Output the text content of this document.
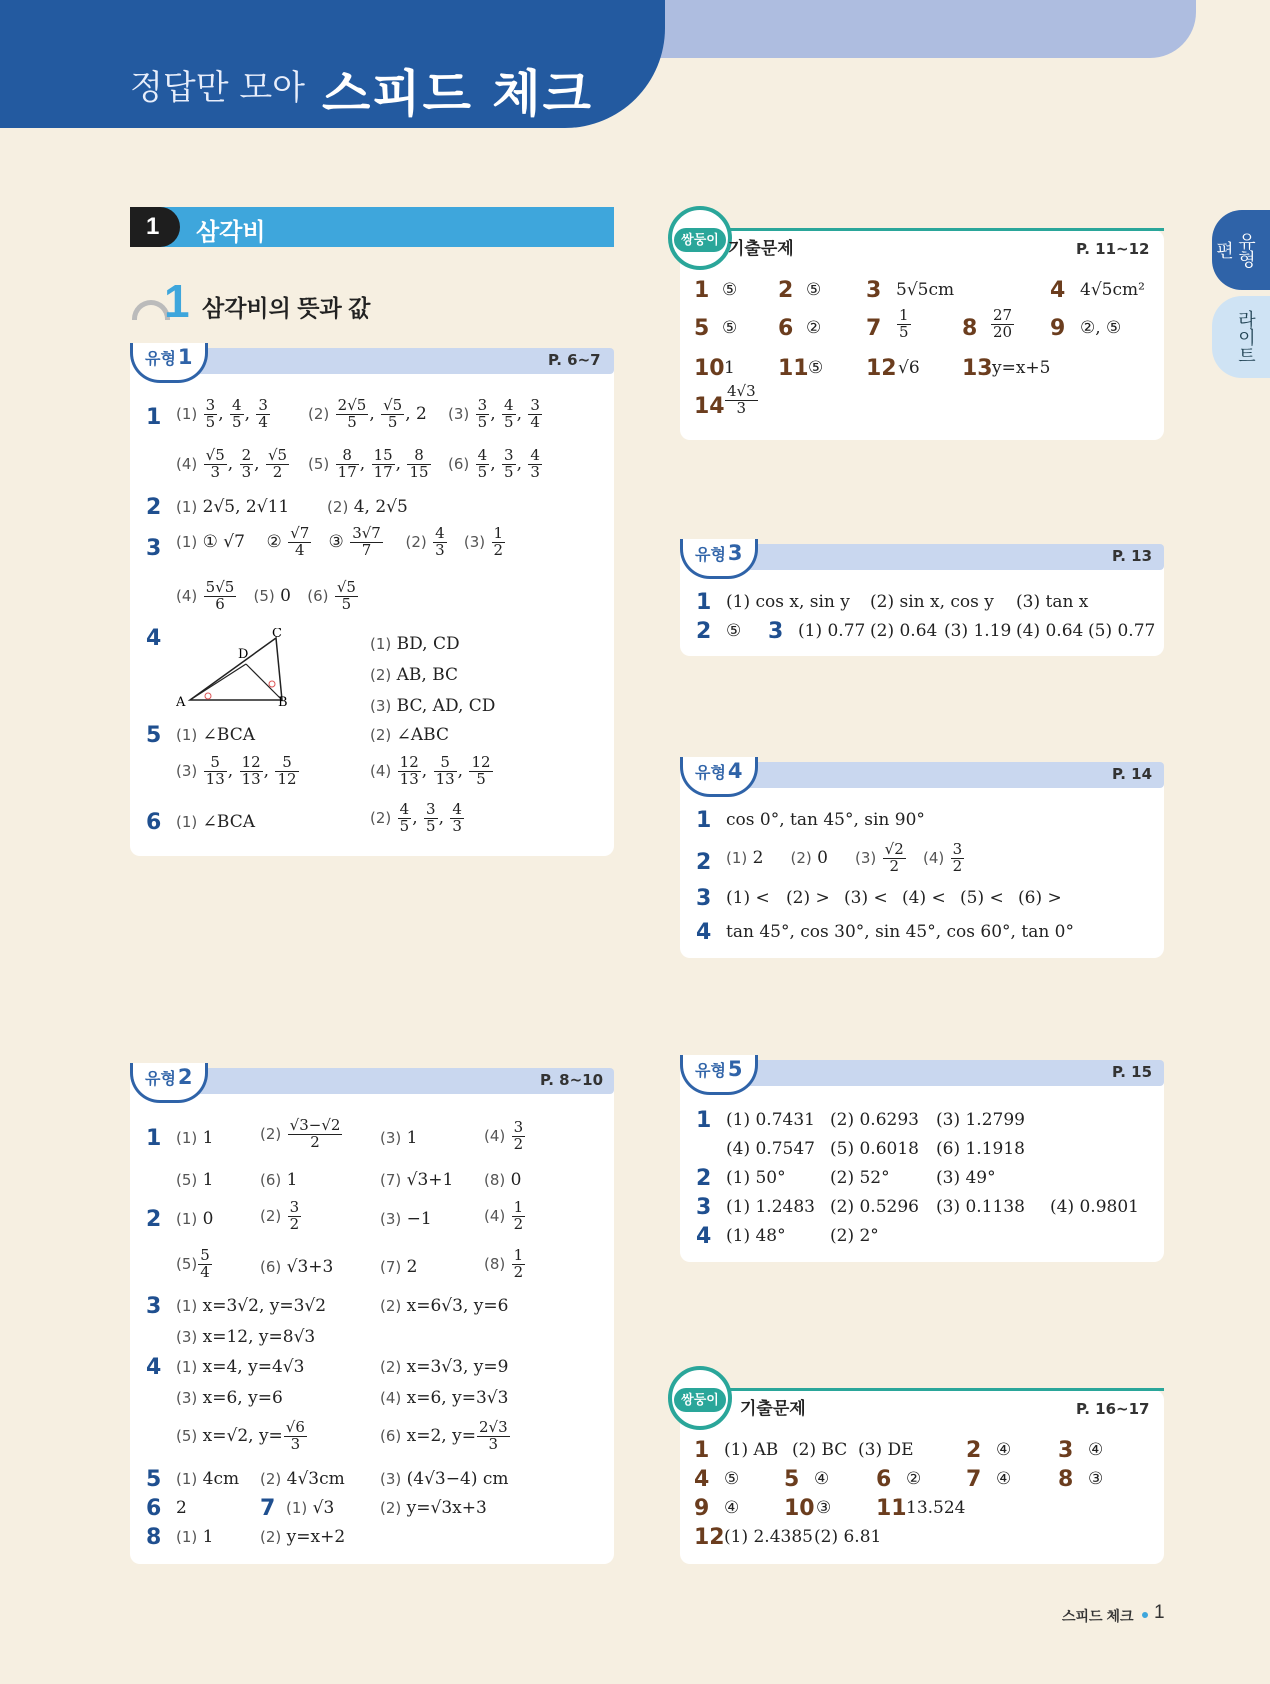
정답만 모아 스피드 체크
유형편
라이트
1	삼각비
1 삼각비의 뜻과 값
유형1	P. 6~7
1 $(1) \frac{3}{5}$ , $\frac{4}{5}$ , $\frac{3}{4}$	$(2) \frac{2√5}{5}$ , $\frac{√5}{5}$ , 2 $(3) \frac{3}{5}$ , $\frac{4}{5}$ , $\frac{3}{4}$
$(4) \frac{√5}{3}$ , $\frac{2}{3}$ , $\frac{√5}{2} (5) \frac{8}{17}$ , $\frac{15}{17}$ , $\frac{8}{15} (6) \frac{4}{5}$ , $\frac{3}{5}$ , $\frac{4}{3}$
2 (1) 2√5, 2√11       (2) 4, 2√5
3 (1) ① √7    ② $\frac{√7}{4}$ ③ $\frac{3√7}{7} (2) \frac{4}{3} (3) \frac{1}{2}$
$(4) \frac{5√5}{6} (5)$ 0   $(6) \frac{√5}{5}$
4
A	B
C
D
(1) BD, CD
(2) AB, BC
(3) BC, AD, CD
5 (1) ∠BCA	(2) ∠ABC
$(3) \frac{5}{13}$ , $\frac{12}{13}$ , $\frac{5}{12}$	$(4) \frac{12}{13}$ , $\frac{5}{13}$ , $\frac{12}{5}$
6 (1) ∠BCA	$(2) \frac{4}{5}$ , $\frac{3}{5}$ , $\frac{4}{3}$
유형2	P. 8~10
1 (1) 1	$(2) \frac{√3-√2}{2}$	(3) 1	$(4) \frac{3}{2}$
(5) 1	(6) 1	(7) √3+1 (8) 0
2 (1) 0	$(2) \frac{3}{2}$	(3) −1	$(4) \frac{1}{2}$
$(5) \frac{5}{4}$	(6) √3+3	(7) 2	$(8) \frac{1}{2}$
3 (1) x=3√2, y=3√2	(2) x=6√3, y=6
(3) x=12, y=8√3
4 (1) x=4, y=4√3	(2) x=3√3, y=9
(3) x=6, y=6	(4) x=6, y=3√3
(5) x=√2, $y= \frac{√6}{3}$	(6) x=2, $y= \frac{2√3}{3}$
5 (1) 4cm (2) 4√3cm (3) (4√3−4) cm
6 2	7 (1) √3	(2) y=√3x+3
8 (1) 1	(2) y=x+2
쌍둥이 기출문제	P. 11~12
1 ⑤ 2 ⑤ 3 5√5cm	4 4√5cm²
5 ⑤ 6 ② $7 \frac{1}{5} 8 \frac{27}{20} 9$ ②, ⑤
10 1 11 ⑤ 12 √6 13 y=x+5
$14 \frac{4√3}{3}$
유형3	P. 13
1 (1) cos x, sin y (2) sin x, cos y (3) tan x
2 ⑤ 3 (1) 0.77 (2) 0.64 (3) 1.19 (4) 0.64 (5) 0.77
유형4	P. 14
1 cos 0°, tan 45°, sin 90°
2 (1) 2     (2) 0     $(3) \frac{√2}{2} (4) \frac{3}{2}$
3 (1) < (2) > (3) < (4) < (5) < (6) >
4 tan 45°, cos 30°, sin 45°, cos 60°, tan 0°
유형5	P. 15
1 (1) 0.7431 (2) 0.6293 (3) 1.2799
(4) 0.7547 (5) 0.6018 (6) 1.1918
2 (1) 50°	(2) 52°	(3) 49°
3 (1) 1.2483 (2) 0.5296 (3) 0.1138 (4) 0.9801
4 (1) 48°	(2) 2°
쌍둥이	기출문제	P. 16~17
1 (1) AB (2) BC (3) DE 2 ④ 3 ④
4 ⑤ 5 ④ 6 ② 7 ④ 8 ③
9 ④ 10 ③ 11 13.524
12 (1) 2.4385 (2) 6.81
스피드 체크 1
